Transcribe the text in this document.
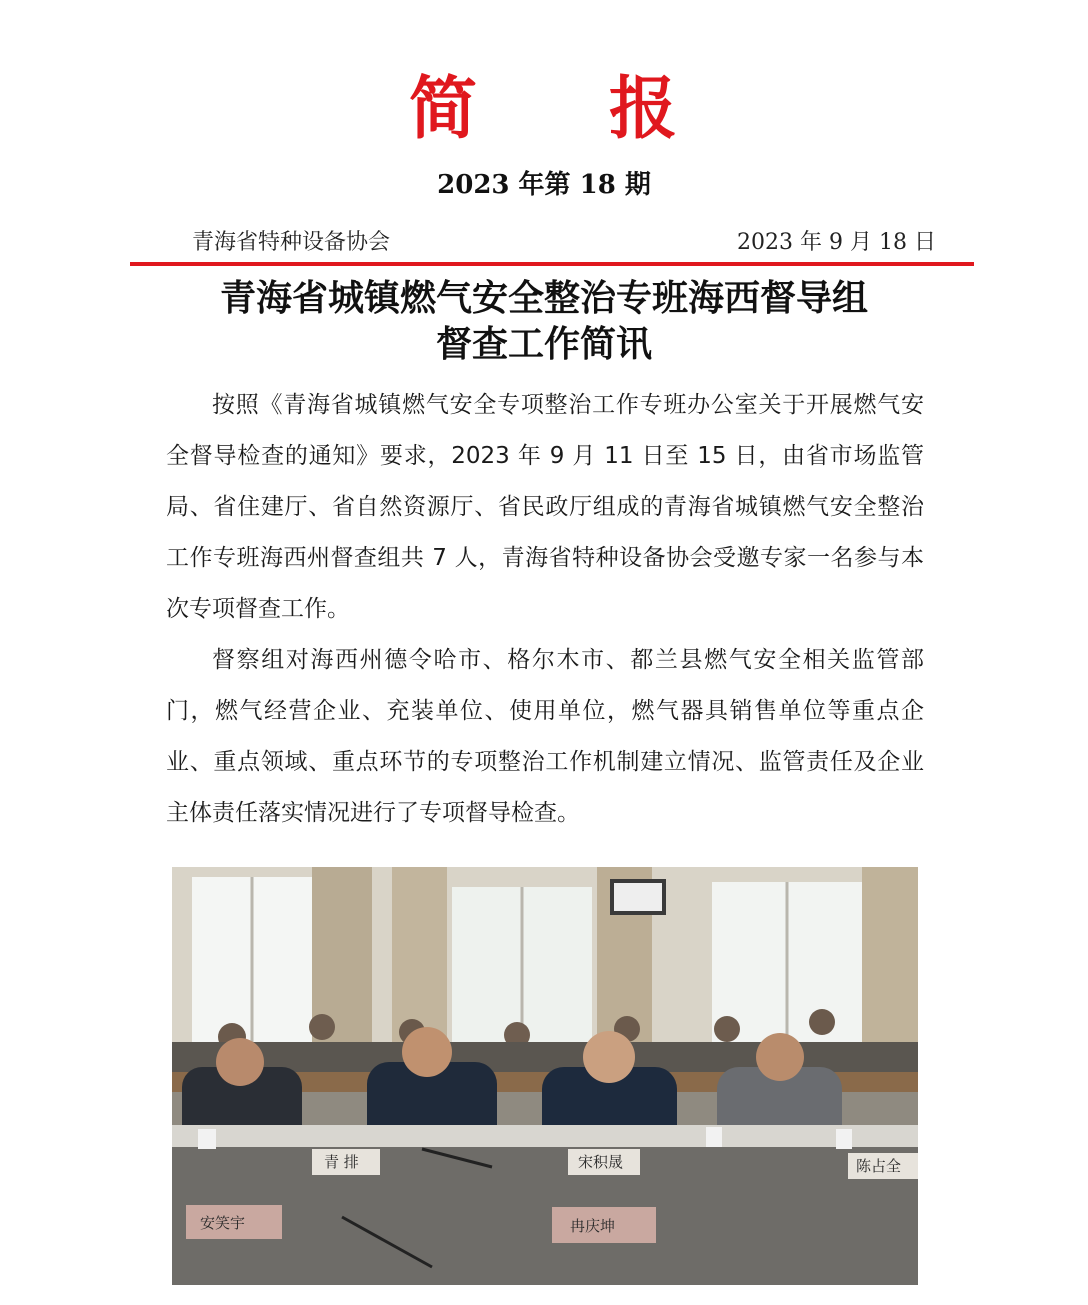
简 报
2023 年第 18 期
青海省特种设备协会	2023 年 9 月 18 日
青海省城镇燃气安全整治专班海西督导组
督查工作简讯

按照《青海省城镇燃气安全专项整治工作专班办公室关于开展燃气安全督导检查的通知》要求，2023 年 9 月 11 日至 15 日，由省市场监管局、省住建厅、省自然资源厅、省民政厅组成的青海省城镇燃气安全整治工作专班海西州督查组共 7 人，青海省特种设备协会受邀专家一名参与本次专项督查工作。

督察组对海西州德令哈市、格尔木市、都兰县燃气安全相关监管部门，燃气经营企业、充装单位、使用单位，燃气器具销售单位等重点企业、重点领域、重点环节的专项整治工作机制建立情况、监管责任及企业主体责任落实情况进行了专项督导检查。

青 排	宋积晟	陈占全
安笑宇	冉庆坤
